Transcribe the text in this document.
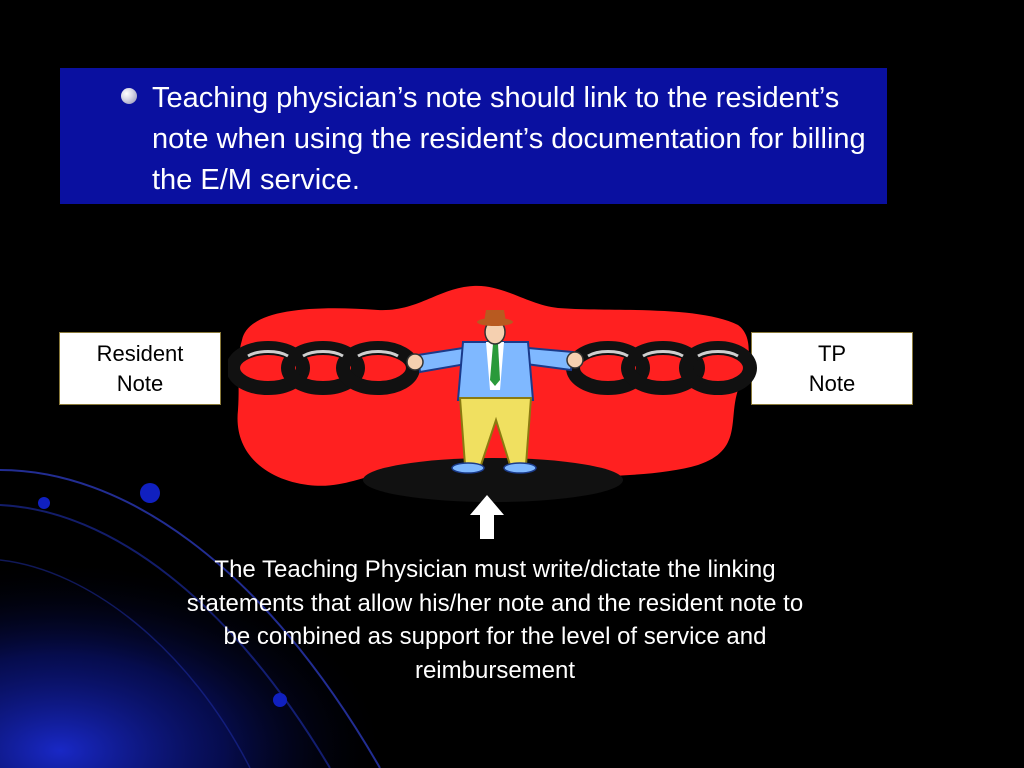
Teaching physician’s note should link to the resident’s note when using the resident’s documentation for billing the E/M service.

Resident
Note
TP
Note

The Teaching Physician must write/dictate the linking statements that allow his/her note and the resident note to be combined as support for the level of service and reimbursement
